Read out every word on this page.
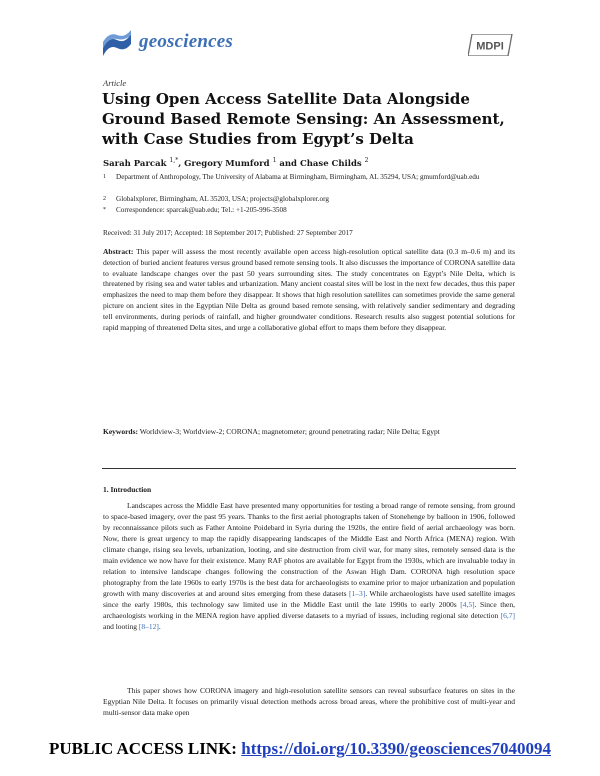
geosciences	MDPI
Article
Using Open Access Satellite Data Alongside Ground Based Remote Sensing: An Assessment, with Case Studies from Egypt’s Delta
Sarah Parcak $^{1,*}$, Gregory Mumford $^1$ and Chase Childs $^2$
1 Department of Anthropology, The University of Alabama at Birmingham, Birmingham, AL 35294, USA; gmumford@uab.edu
2 Globalxplorer, Birmingham, AL 35203, USA; projects@globalxplorer.org
* Correspondence: sparcak@uab.edu; Tel.: +1-205-996-3508
Received: 31 July 2017; Accepted: 18 September 2017; Published: 27 September 2017
Abstract: This paper will assess the most recently available open access high-resolution optical satellite data (0.3 m–0.6 m) and its detection of buried ancient features versus ground based remote sensing tools. It also discusses the importance of CORONA satellite data to evaluate landscape changes over the past 50 years surrounding sites. The study concentrates on Egypt’s Nile Delta, which is threatened by rising sea and water tables and urbanization. Many ancient coastal sites will be lost in the next few decades, thus this paper emphasizes the need to map them before they disappear. It shows that high resolution satellites can sometimes provide the same general picture on ancient sites in the Egyptian Nile Delta as ground based remote sensing, with relatively sandier sedimentary and degrading tell environments, during periods of rainfall, and higher groundwater conditions. Research results also suggest potential solutions for rapid mapping of threatened Delta sites, and urge a collaborative global effort to maps them before they disappear.
Keywords: Worldview-3; Worldview-2; CORONA; magnetometer; ground penetrating radar; Nile Delta; Egypt
1. Introduction
Landscapes across the Middle East have presented many opportunities for testing a broad range of remote sensing, from ground to space-based imagery, over the past 95 years. Thanks to the first aerial photographs taken of Stonehenge by balloon in 1906, followed by reconnaissance pilots such as Father Antoine Poidebard in Syria during the 1920s, the entire field of aerial archaeology was born. Now, there is great urgency to map the rapidly disappearing landscapes of the Middle East and North Africa (MENA) region. With climate change, rising sea levels, urbanization, looting, and site destruction from civil war, for many sites, remotely sensed data is the main evidence we now have for their existence. Many RAF photos are available for Egypt from the 1930s, which are invaluable today in relation to intensive landscape changes following the construction of the Aswan High Dam. CORONA high resolution space photography from the late 1960s to early 1970s is the best data for archaeologists to examine prior to major urbanization and population growth with many discoveries at and around sites emerging from these datasets [1–3]. While archaeologists have used satellite images since the early 1980s, this technology saw limited use in the Middle East until the late 1990s to early 2000s [4,5]. Since then, archaeologists working in the MENA region have applied diverse datasets to a myriad of issues, including regional site detection [6,7] and looting [8–12].
This paper shows how CORONA imagery and high-resolution satellite sensors can reveal subsurface features on sites in the Egyptian Nile Delta. It focuses on primarily visual detection methods across broad areas, where the prohibitive cost of multi-year and multi-sensor data make open
PUBLIC ACCESS LINK: https://doi.org/10.3390/geosciences7040094
